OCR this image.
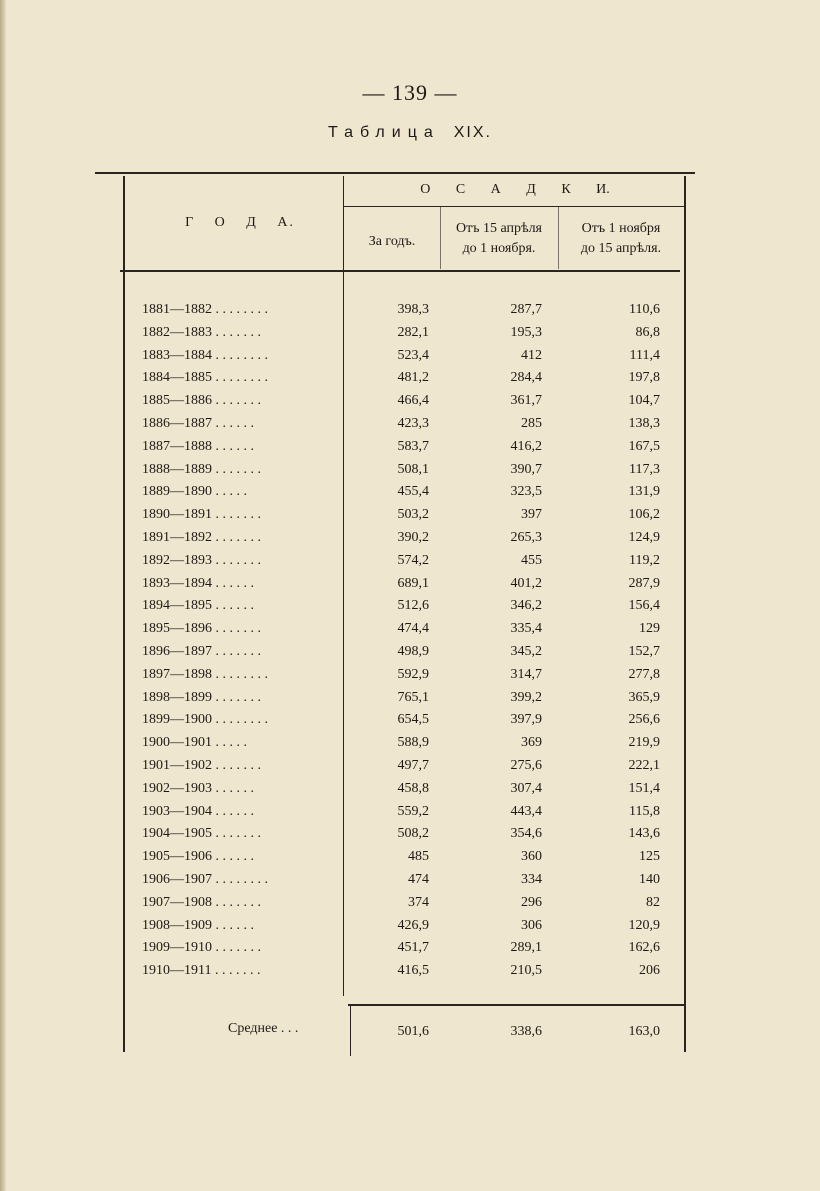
— 139 —
Таблица XIX.
Г О Д А.
О С А Д К И.
За годъ.
Отъ 15 апрѣля
до 1 ноября.
Отъ 1 ноября
до 15 апрѣля.
1881—1882 . . . . . . . .	398,3	287,7	110,6
1882—1883 . . . . . . .	282,1	195,3	86,8
1883—1884 . . . . . . . .	523,4	412	111,4
1884—1885 . . . . . . . .	481,2	284,4	197,8
1885—1886 . . . . . . .	466,4	361,7	104,7
1886—1887 . . . . . .	423,3	285	138,3
1887—1888 . . . . . .	583,7	416,2	167,5
1888—1889 . . . . . . .	508,1	390,7	117,3
1889—1890 . . . . .	455,4	323,5	131,9
1890—1891 . . . . . . .	503,2	397	106,2
1891—1892 . . . . . . .	390,2	265,3	124,9
1892—1893 . . . . . . .	574,2	455	119,2
1893—1894 . . . . . .	689,1	401,2	287,9
1894—1895 . . . . . .	512,6	346,2	156,4
1895—1896 . . . . . . .	474,4	335,4	129
1896—1897 . . . . . . .	498,9	345,2	152,7
1897—1898 . . . . . . . .	592,9	314,7	277,8
1898—1899 . . . . . . .	765,1	399,2	365,9
1899—1900 . . . . . . . .	654,5	397,9	256,6
1900—1901 . . . . .	588,9	369	219,9
1901—1902 . . . . . . .	497,7	275,6	222,1
1902—1903 . . . . . .	458,8	307,4	151,4
1903—1904 . . . . . .	559,2	443,4	115,8
1904—1905 . . . . . . .	508,2	354,6	143,6
1905—1906 . . . . . .	485	360	125
1906—1907 . . . . . . . .	474	334	140
1907—1908 . . . . . . .	374	296	82
1908—1909 . . . . . .	426,9	306	120,9
1909—1910 . . . . . . .	451,7	289,1	162,6
1910—1911 . . . . . . .	416,5	210,5	206
Среднее . . .	501,6	338,6	163,0
